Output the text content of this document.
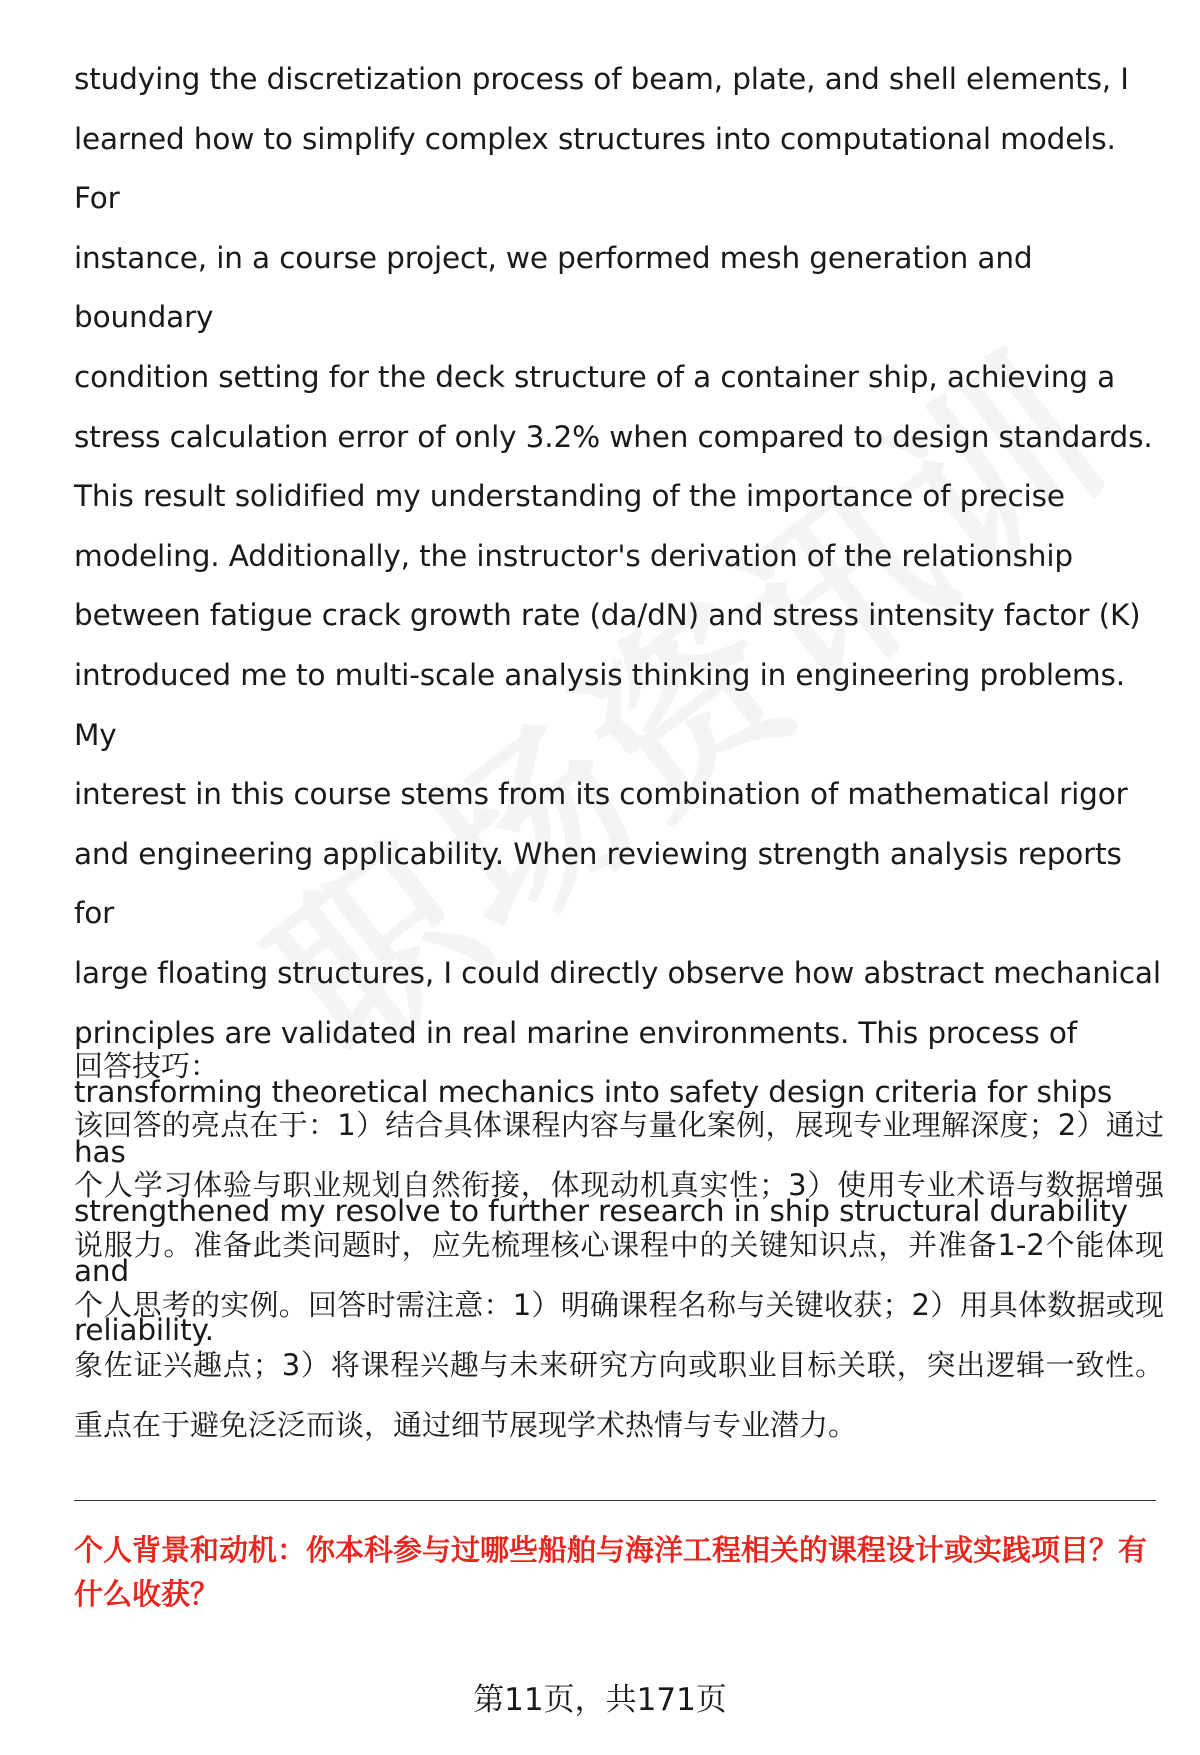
studying the discretization process of beam, plate, and shell elements, I
learned how to simplify complex structures into computational models. For
instance, in a course project, we performed mesh generation and boundary
condition setting for the deck structure of a container ship, achieving a
stress calculation error of only 3.2% when compared to design standards.
This result solidified my understanding of the importance of precise
modeling. Additionally, the instructor's derivation of the relationship
between fatigue crack growth rate (da/dN) and stress intensity factor (K)
introduced me to multi-scale analysis thinking in engineering problems. My
interest in this course stems from its combination of mathematical rigor
and engineering applicability. When reviewing strength analysis reports for
large floating structures, I could directly observe how abstract mechanical
principles are validated in real marine environments. This process of
transforming theoretical mechanics into safety design criteria for ships has
strengthened my resolve to further research in ship structural durability and
reliability.

回答技巧：

该回答的亮点在于：1）结合具体课程内容与量化案例，展现专业理解深度；2）通过个人学习体验与职业规划自然衔接，体现动机真实性；3）使用专业术语与数据增强说服力。准备此类问题时，应先梳理核心课程中的关键知识点，并准备1-2个能体现个人思考的实例。回答时需注意：1）明确课程名称与关键收获；2）用具体数据或现象佐证兴趣点；3）将课程兴趣与未来研究方向或职业目标关联，突出逻辑一致性。重点在于避免泛泛而谈，通过细节展现学术热情与专业潜力。

个人背景和动机：你本科参与过哪些船舶与海洋工程相关的课程设计或实践项目？有什么收获？

第11页，共171页
